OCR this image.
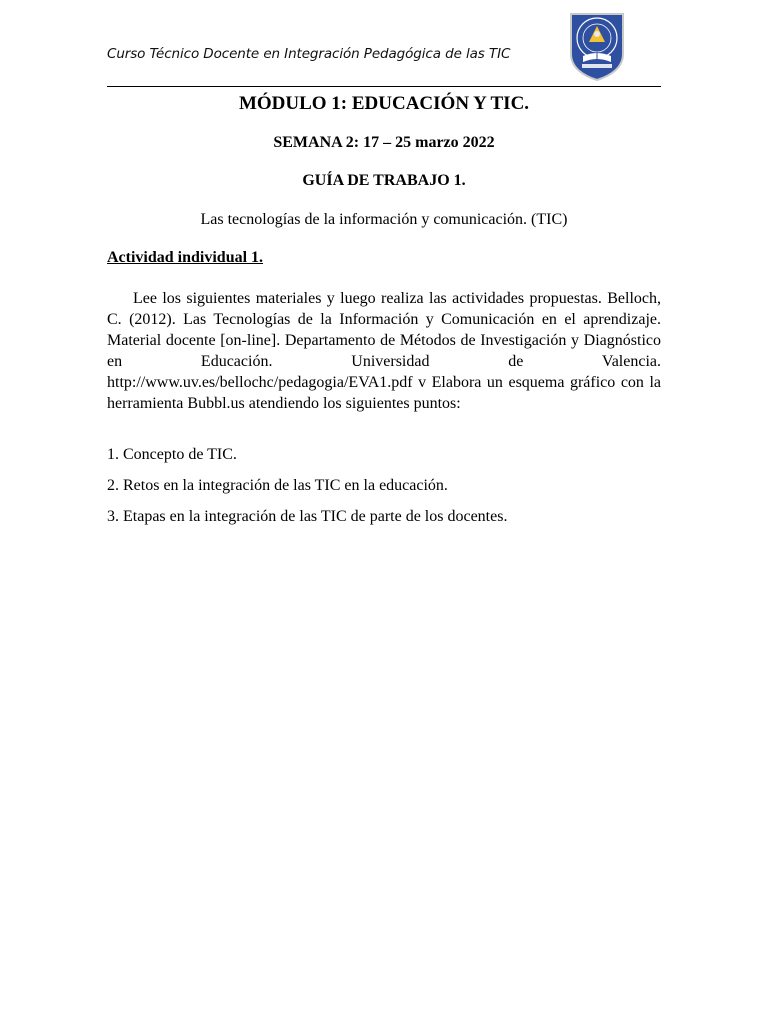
Curso Técnico Docente en Integración Pedagógica de las TIC
MÓDULO 1: EDUCACIÓN Y TIC.
SEMANA 2: 17 – 25 marzo 2022
GUÍA DE TRABAJO 1.
Las tecnologías de la información y comunicación. (TIC)
Actividad individual 1.
Lee los siguientes materiales y luego realiza las actividades propuestas. Belloch, C. (2012). Las Tecnologías de la Información y Comunicación en el aprendizaje. Material docente [on-line]. Departamento de Métodos de Investigación y Diagnóstico en Educación. Universidad de Valencia. http://www.uv.es/bellochc/pedagogia/EVA1.pdf v Elabora un esquema gráfico con la herramienta Bubbl.us atendiendo los siguientes puntos:
1. Concepto de TIC.
2. Retos en la integración de las TIC en la educación.
3. Etapas en la integración de las TIC de parte de los docentes.
